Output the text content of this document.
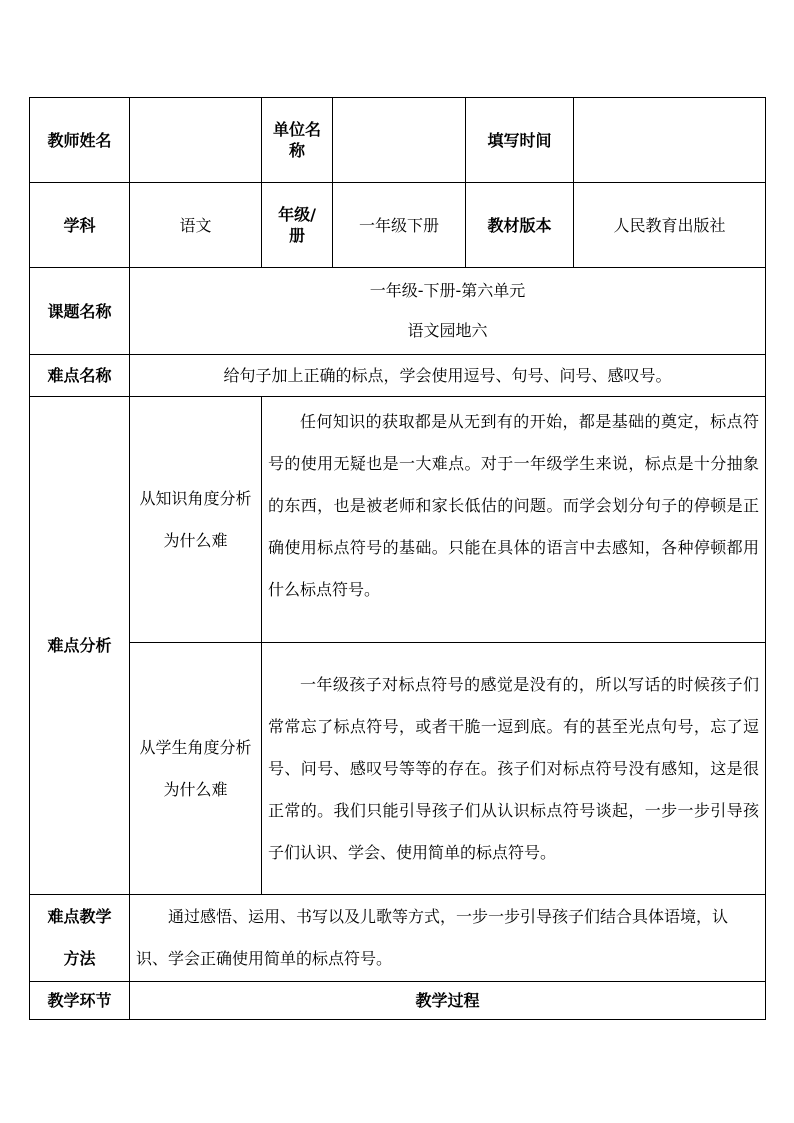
教师姓名		单位名称		填写时间	
学科	语文	年级/册	一年级下册	教材版本	人民教育出版社
课题名称	一年级-下册-第六单元
语文园地六				

难点名称	给句子加上正确的标点，学会使用逗号、句号、问号、感叹号。				
难点分析	从知识角度分析为什么难	任何知识的获取都是从无到有的开始，都是基础的奠定，标点符号的使用无疑也是一大难点。对于一年级学生来说，标点是十分抽象的东西，也是被老师和家长低估的问题。而学会划分句子的停顿是正确使用标点符号的基础。只能在具体的语言中去感知，各种停顿都用什么标点符号。			

	从学生角度分析为什么难	一年级孩子对标点符号的感觉是没有的，所以写话的时候孩子们常常忘了标点符号，或者干脆一逗到底。有的甚至光点句号，忘了逗号、问号、感叹号等等的存在。孩子们对标点符号没有感知，这是很正常的。我们只能引导孩子们从认识标点符号谈起，一步一步引导孩子们认识、学会、使用简单的标点符号。			

难点教学方法	通过感悟、运用、书写以及儿歌等方式，一步一步引导孩子们结合具体语境，认识、学会正确使用简单的标点符号。				

教学环节	教学过程				
